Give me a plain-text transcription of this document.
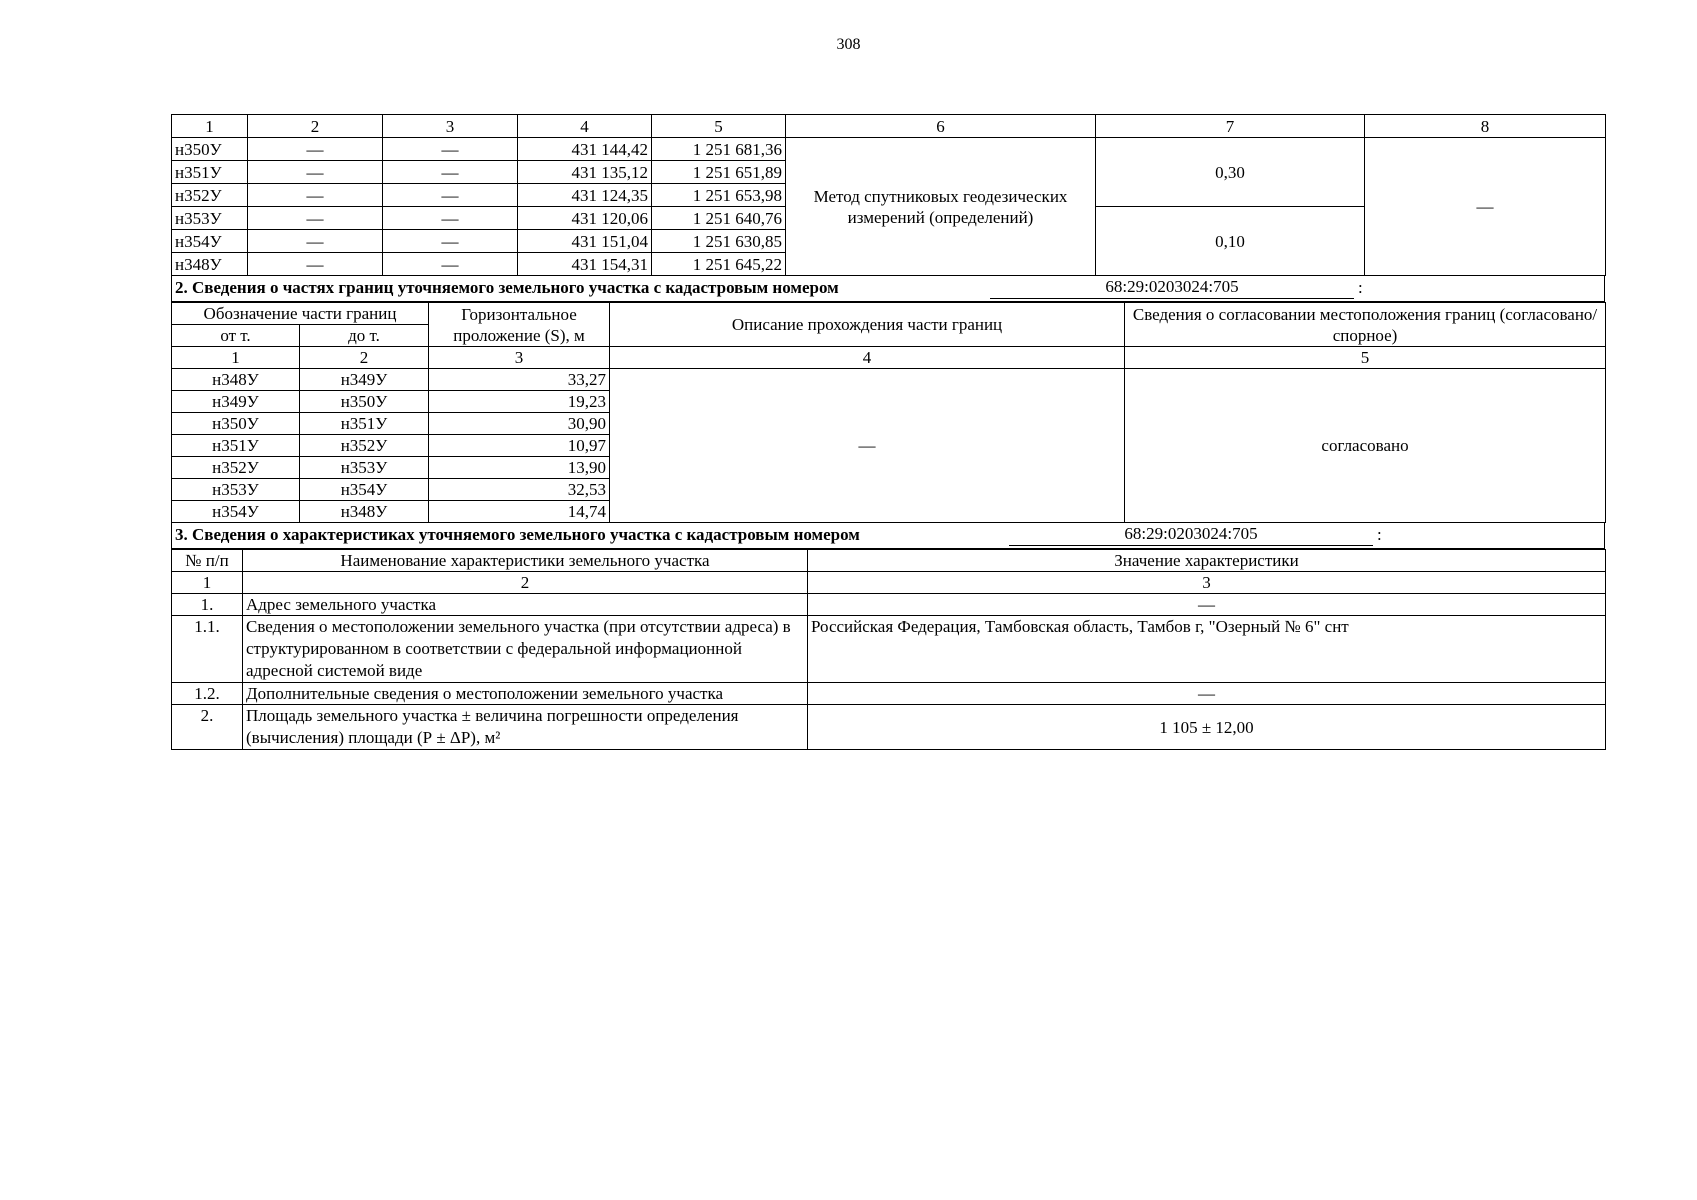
308
1	2	3	4	5	6	7	8
н350У	—	—	431 144,42	1 251 681,36	Метод спутниковых геодезических измерений (определений)	0,30	—
н351У	—	—	431 135,12	1 251 651,89			
н352У	—	—	431 124,35	1 251 653,98			
н353У	—	—	431 120,06	1 251 640,76		0,10	
н354У	—	—	431 151,04	1 251 630,85			
н348У	—	—	431 154,31	1 251 645,22			
2. Сведения о частях границ уточняемого земельного участка с кадастровым номером	68:29:0203024:705	:
Обозначение части границ		Горизонтальное проложение (S), м	Описание прохождения части границ	Сведения о согласовании местоположения границ (согласовано/спорное)
от т.	до т.			
1	2	3	4	5
н348У	н349У	33,27	—	согласовано
н349У	н350У	19,23		
н350У	н351У	30,90		
н351У	н352У	10,97		
н352У	н353У	13,90		
н353У	н354У	32,53		
н354У	н348У	14,74		
3. Сведения о характеристиках уточняемого земельного участка с кадастровым номером	68:29:0203024:705	:
№ п/п	Наименование характеристики земельного участка	Значение характеристики
1	2	3
1.	Адрес земельного участка	—
1.1.	Сведения о местоположении земельного участка (при отсутствии адреса) в структурированном в соответствии с федеральной информационной адресной системой виде	Российская Федерация, Тамбовская область, Тамбов г, "Озерный № 6" снт
1.2.	Дополнительные сведения о местоположении земельного участка	—
2.	Площадь земельного участка ± величина погрешности определения (вычисления) площади (Р ± ΔР), м²	1 105 ± 12,00
